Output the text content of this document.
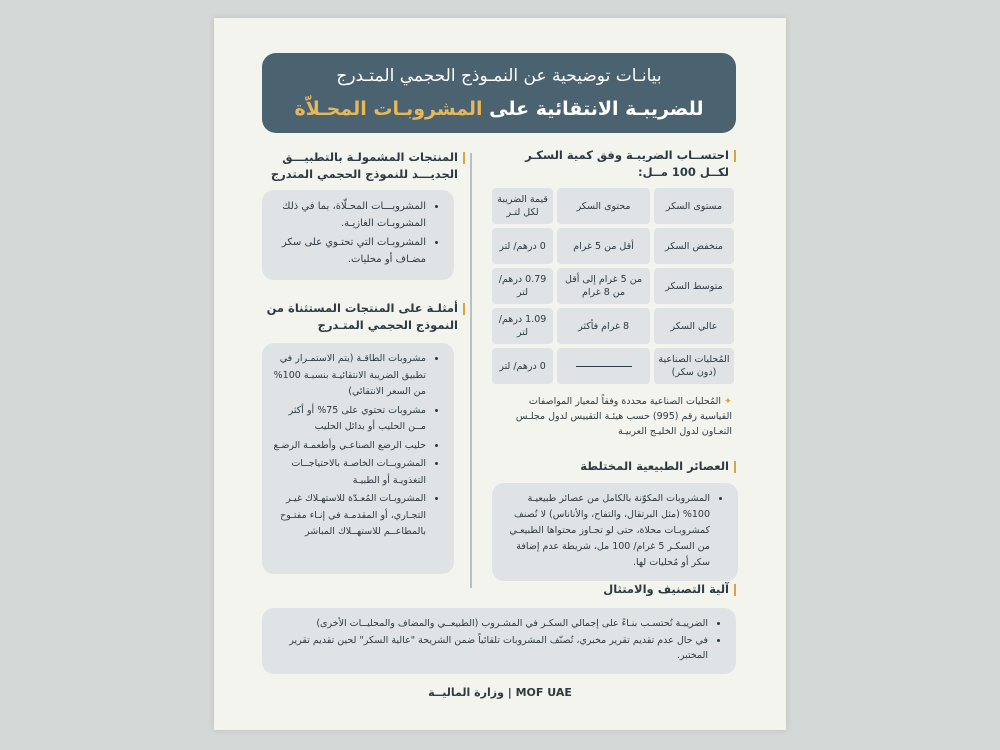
بيانـات توضيحية عن النمـوذج الحجمي المتـدرج
للضريبـة الانتقائية على المشروبـات المحـلاّة
احتســاب الضريبـة وفق كمية السكـر
لكــل 100 مــل:
مستوى السكر	محتوى السكر	قيمة الضريبة لكل لتـر
منخفض السكر	أقل من 5 غرام	0 درهم/ لتر
متوسط السكر	من 5 غرام إلى أقل من 8 غرام	0.79 درهم/ لتر
عالي السكر	8 غرام فأكثر	1.09 درهم/ لتر
المُحليات الصناعية (دون سكر)		0 درهم/ لتر
✦ المُحليات الصناعية محددة وفقاً لمعيار المواصفات القياسية رقم (995) حسب هيئـة التقييس لدول مجلـس التعـاون لدول الخليـج العربيـة
العصائر الطبيعية المختلطة
• المشروبات المكوّنة بالكامل من عصائر طبيعيـة 100% (مثل البرتقال، والتفاح، والأناناس) لا تُصنف كمشروبـات محلاة، حتى لو تجـاوز محتواها الطبيعـي من السكـر 5 غرام/ 100 مل، شريطة عدم إضافة سكر أو مُحليات لها.
المنتجات المشمولـة بالتطبيـــق
الجديـــد للنموذج الحجمي المتدرج
• المشروبـــات المحـلّاة، بما في ذلك المشروبـات الغازيـة.
• المشروبـات التي تحتـوي على سكر مضـاف أو محليات.
أمثلـة على المنتجات المستثناة من
النموذج الحجمي المتـدرج
• مشروبات الطاقـة (يتم الاستمـرار في تطبيق الضريبة الانتقائيـة بنسبـة 100% من السعر الانتقائي)
• مشروبات تحتوي على 75% أو أكثر مــن الحليب أو بدائل الحليب
• حليب الرضع الصناعـي وأطعمـة الرضـع
• المشروبــات الخاصـة بالاحتياجــات التغذويـة أو الطبيـة
• المشروبـات المُعـدّة للاستهـلاك غيـر التجـاري، أو المقدمـة في إنـاء مفتـوح بالمطاعــم للاستهــلاك المباشر
آلية التصنيف والامتثال
• الضريبـة تُحتسـب بنـاءً على إجمالي السكـر في المشـروب (الطبيعــي والمضاف والمحليــات الأخرى)
• في حال عدم تقديم تقرير مخبري، تُصنّف المشروبات تلقائياً ضمن الشريحة "عالية السكر" لحين تقديم تقرير المختبر.
وزارة الماليــة | MOF UAE
